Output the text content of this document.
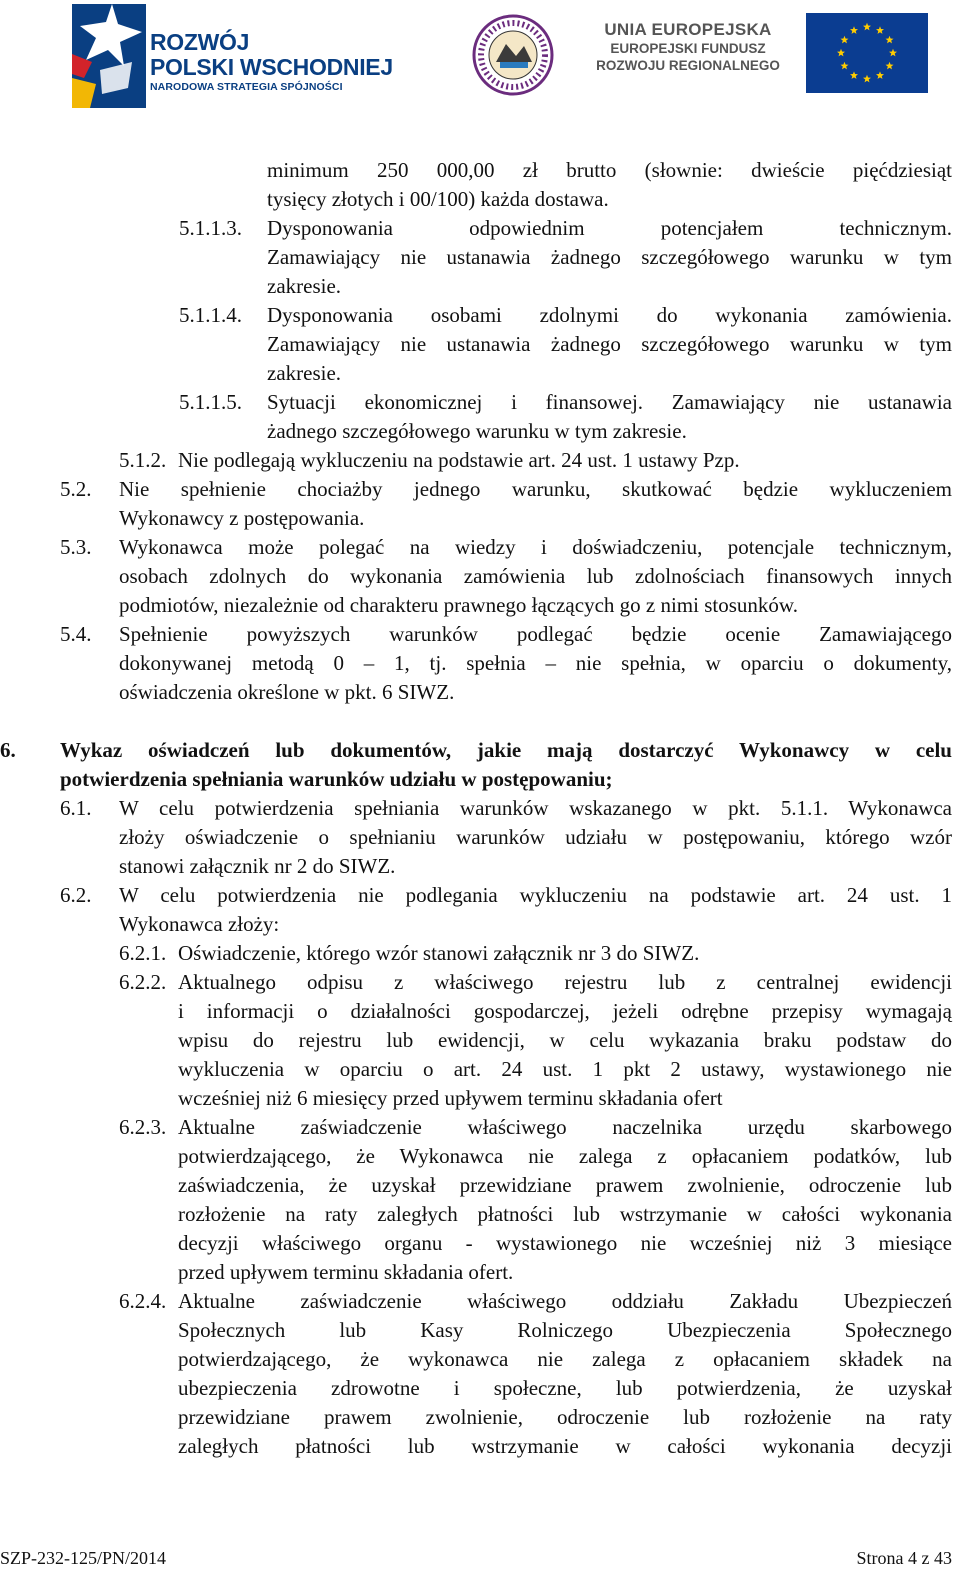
ROZWÓJ
POLSKI WSCHODNIEJ
NARODOWA STRATEGIA SPÓJNOŚCI
UNIA EUROPEJSKA
EUROPEJSKI FUNDUSZ
ROZWOJU REGIONALNEGO
minimum 250 000,00 zł brutto (słownie: dwieście pięćdziesiąt
tysięcy złotych i 00/100) każda dostawa.
5.1.1.3. Dysponowania odpowiednim potencjałem technicznym.
Zamawiający nie ustanawia żadnego szczegółowego warunku w tym
zakresie.
5.1.1.4. Dysponowania osobami zdolnymi do wykonania zamówienia.
Zamawiający nie ustanawia żadnego szczegółowego warunku w tym
zakresie.
5.1.1.5. Sytuacji ekonomicznej i finansowej. Zamawiający nie ustanawia
żadnego szczegółowego warunku w tym zakresie.
5.1.2. Nie podlegają wykluczeniu na podstawie art. 24 ust. 1 ustawy Pzp.
5.2. Nie spełnienie chociażby jednego warunku, skutkować będzie wykluczeniem
Wykonawcy z postępowania.
5.3. Wykonawca może polegać na wiedzy i doświadczeniu, potencjale technicznym,
osobach zdolnych do wykonania zamówienia lub zdolnościach finansowych innych
podmiotów, niezależnie od charakteru prawnego łączących go z nimi stosunków.
5.4. Spełnienie powyższych warunków podlegać będzie ocenie Zamawiającego
dokonywanej metodą 0 – 1, tj. spełnia – nie spełnia, w oparciu o dokumenty,
oświadczenia określone w pkt. 6 SIWZ.
6. Wykaz oświadczeń lub dokumentów, jakie mają dostarczyć Wykonawcy w celu
potwierdzenia spełniania warunków udziału w postępowaniu;
6.1. W celu potwierdzenia spełniania warunków wskazanego w pkt. 5.1.1. Wykonawca
złoży oświadczenie o spełnianiu warunków udziału w postępowaniu, którego wzór
stanowi załącznik nr 2 do SIWZ.
6.2. W celu potwierdzenia nie podlegania wykluczeniu na podstawie art. 24 ust. 1
Wykonawca złoży:
6.2.1. Oświadczenie, którego wzór stanowi załącznik nr 3 do SIWZ.
6.2.2. Aktualnego odpisu z właściwego rejestru lub z centralnej ewidencji
i informacji o działalności gospodarczej, jeżeli odrębne przepisy wymagają
wpisu do rejestru lub ewidencji, w celu wykazania braku podstaw do
wykluczenia w oparciu o art. 24 ust. 1 pkt 2 ustawy, wystawionego nie
wcześniej niż 6 miesięcy przed upływem terminu składania ofert
6.2.3. Aktualne zaświadczenie właściwego naczelnika urzędu skarbowego
potwierdzającego, że Wykonawca nie zalega z opłacaniem podatków, lub
zaświadczenia, że uzyskał przewidziane prawem zwolnienie, odroczenie lub
rozłożenie na raty zaległych płatności lub wstrzymanie w całości wykonania
decyzji właściwego organu - wystawionego nie wcześniej niż 3 miesiące
przed upływem terminu składania ofert.
6.2.4. Aktualne zaświadczenie właściwego oddziału Zakładu Ubezpieczeń
Społecznych lub Kasy Rolniczego Ubezpieczenia Społecznego
potwierdzającego, że wykonawca nie zalega z opłacaniem składek na
ubezpieczenia zdrowotne i społeczne, lub potwierdzenia, że uzyskał
przewidziane prawem zwolnienie, odroczenie lub rozłożenie na raty
zaległych płatności lub wstrzymanie w całości wykonania decyzji
SZP-232-125/PN/2014	Strona 4 z 43
